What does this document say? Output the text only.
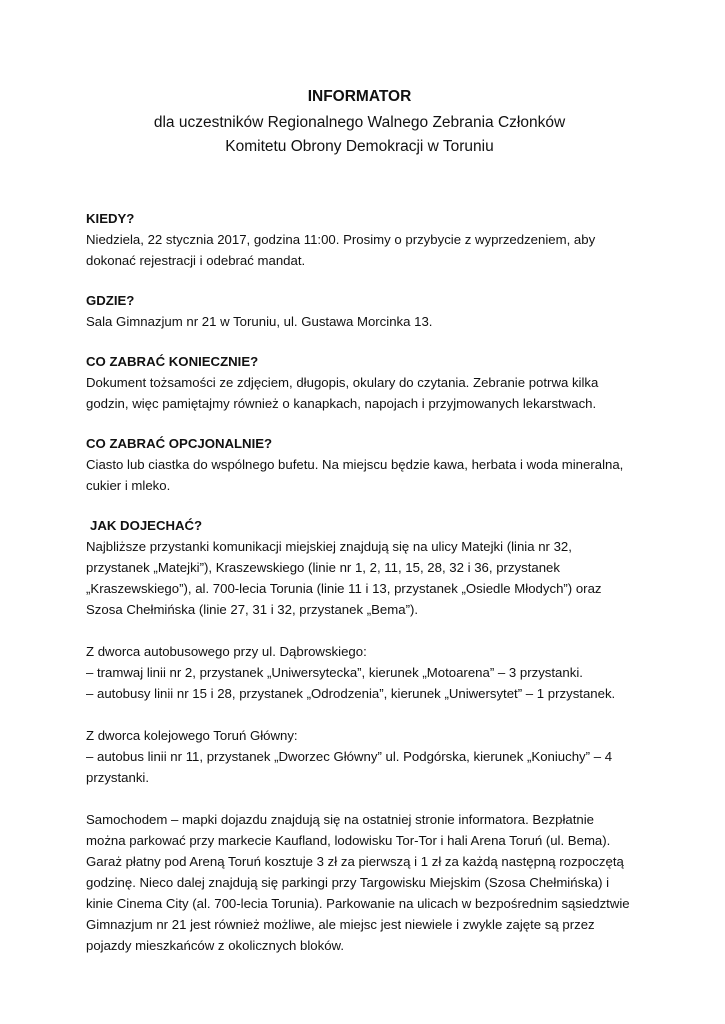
INFORMATOR

dla uczestników Regionalnego Walnego Zebrania Członków

Komitetu Obrony Demokracji w Toruniu

KIEDY?

Niedziela, 22 stycznia 2017, godzina 11:00. Prosimy o przybycie z wyprzedzeniem, aby dokonać rejestracji i odebrać mandat.

GDZIE?

Sala Gimnazjum nr 21 w Toruniu, ul. Gustawa Morcinka 13.

CO ZABRAĆ KONIECZNIE?

Dokument tożsamości ze zdjęciem, długopis, okulary do czytania. Zebranie potrwa kilka godzin, więc pamiętajmy również o kanapkach, napojach i przyjmowanych lekarstwach.

CO ZABRAĆ OPCJONALNIE?

Ciasto lub ciastka do wspólnego bufetu. Na miejscu będzie kawa, herbata i woda mineralna, cukier i mleko.

JAK DOJECHAĆ?

Najbliższe przystanki komunikacji miejskiej znajdują się na ulicy Matejki (linia nr 32, przystanek „Matejki”), Kraszewskiego (linie nr 1, 2, 11, 15, 28, 32 i 36, przystanek „Kraszewskiego”), al. 700-lecia Torunia (linie 11 i 13, przystanek „Osiedle Młodych”) oraz Szosa Chełmińska (linie 27, 31 i 32, przystanek „Bema”).

Z dworca autobusowego przy ul. Dąbrowskiego:
– tramwaj linii nr 2, przystanek „Uniwersytecka”, kierunek „Motoarena” – 3 przystanki.
– autobusy linii nr 15 i 28, przystanek „Odrodzenia”, kierunek „Uniwersytet” – 1 przystanek.
Z dworca kolejowego Toruń Główny:
– autobus linii nr 11, przystanek „Dworzec Główny” ul. Podgórska, kierunek „Koniuchy” – 4 przystanki.

Samochodem – mapki dojazdu znajdują się na ostatniej stronie informatora. Bezpłatnie można parkować przy markecie Kaufland, lodowisku Tor-Tor i hali Arena Toruń (ul. Bema). Garaż płatny pod Areną Toruń kosztuje 3 zł za pierwszą i 1 zł za każdą następną rozpoczętą godzinę. Nieco dalej znajdują się parkingi przy Targowisku Miejskim (Szosa Chełmińska) i kinie Cinema City (al. 700-lecia Torunia). Parkowanie na ulicach w bezpośrednim sąsiedztwie Gimnazjum nr 21 jest również możliwe, ale miejsc jest niewiele i zwykle zajęte są przez pojazdy mieszkańców z okolicznych bloków.
